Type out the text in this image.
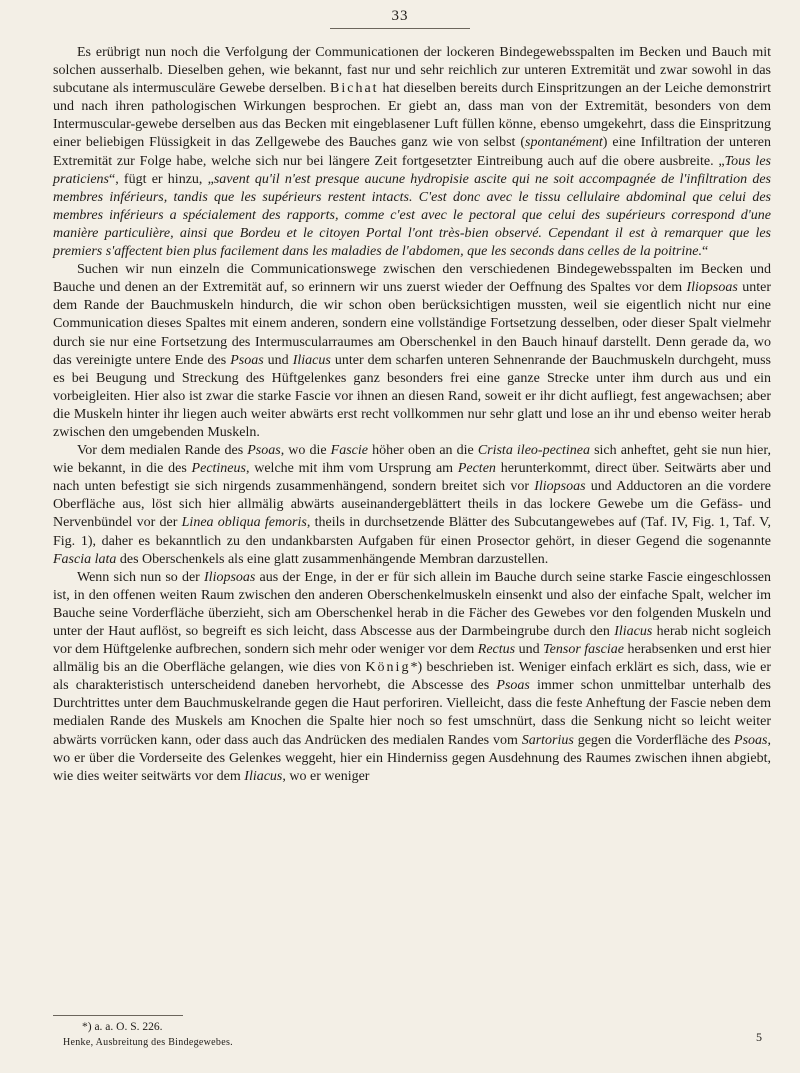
33

Es erübrigt nun noch die Verfolgung der Communicationen der lockeren Bindegewebsspalten im Becken und Bauch mit solchen ausserhalb. Dieselben gehen, wie bekannt, fast nur und sehr reichlich zur unteren Extremität und zwar sowohl in das subcutane als intermusculäre Gewebe derselben. Bichat hat dieselben bereits durch Einspritzungen an der Leiche demonstrirt und nach ihren pathologischen Wirkungen besprochen. Er giebt an, dass man von der Extremität, besonders von dem Intermuscular-gewebe derselben aus das Becken mit eingeblasener Luft füllen könne, ebenso umgekehrt, dass die Einspritzung einer beliebigen Flüssigkeit in das Zellgewebe des Bauches ganz wie von selbst (spontanément) eine Infiltration der unteren Extremität zur Folge habe, welche sich nur bei längere Zeit fortgesetzter Eintreibung auch auf die obere ausbreite. „Tous les praticiens“, fügt er hinzu, „savent qu'il n'est presque aucune hydropisie ascite qui ne soit accompagnée de l'infiltration des membres inférieurs, tandis que les supérieurs restent intacts. C'est donc avec le tissu cellulaire abdominal que celui des membres inférieurs a spécialement des rapports, comme c'est avec le pectoral que celui des supérieurs correspond d'une manière particulière, ainsi que Bordeu et le citoyen Portal l'ont très-bien observé. Cependant il est à remarquer que les premiers s'affectent bien plus facilement dans les maladies de l'abdomen, que les seconds dans celles de la poitrine.“

Suchen wir nun einzeln die Communicationswege zwischen den verschiedenen Bindegewebsspalten im Becken und Bauche und denen an der Extremität auf, so erinnern wir uns zuerst wieder der Oeffnung des Spaltes vor dem Iliopsoas unter dem Rande der Bauchmuskeln hindurch, die wir schon oben berücksichtigen mussten, weil sie eigentlich nicht nur eine Communication dieses Spaltes mit einem anderen, sondern eine vollständige Fortsetzung desselben, oder dieser Spalt vielmehr durch sie nur eine Fortsetzung des Intermuscularraumes am Oberschenkel in den Bauch hinauf darstellt. Denn gerade da, wo das vereinigte untere Ende des Psoas und Iliacus unter dem scharfen unteren Sehnenrande der Bauchmuskeln durchgeht, muss es bei Beugung und Streckung des Hüftgelenkes ganz besonders frei eine ganze Strecke unter ihm durch aus und ein vorbeigleiten. Hier also ist zwar die starke Fascie vor ihnen an diesen Rand, soweit er ihr dicht aufliegt, fest angewachsen; aber die Muskeln hinter ihr liegen auch weiter abwärts erst recht vollkommen nur sehr glatt und lose an ihr und ebenso weiter herab zwischen den umgebenden Muskeln.

Vor dem medialen Rande des Psoas, wo die Fascie höher oben an die Crista ileo-pectinea sich anheftet, geht sie nun hier, wie bekannt, in die des Pectineus, welche mit ihm vom Ursprung am Pecten herunterkommt, direct über. Seitwärts aber und nach unten befestigt sie sich nirgends zusammenhängend, sondern breitet sich vor Iliopsoas und Adductoren an die vordere Oberfläche aus, löst sich hier allmälig abwärts auseinandergeblättert theils in das lockere Gewebe um die Gefäss- und Nervenbündel vor der Linea obliqua femoris, theils in durchsetzende Blätter des Subcutangewebes auf (Taf. IV, Fig. 1, Taf. V, Fig. 1), daher es bekanntlich zu den undankbarsten Aufgaben für einen Prosector gehört, in dieser Gegend die sogenannte Fascia lata des Oberschenkels als eine glatt zusammenhängende Membran darzustellen.

Wenn sich nun so der Iliopsoas aus der Enge, in der er für sich allein im Bauche durch seine starke Fascie eingeschlossen ist, in den offenen weiten Raum zwischen den anderen Oberschenkelmuskeln einsenkt und also der einfache Spalt, welcher im Bauche seine Vorderfläche überzieht, sich am Oberschenkel herab in die Fächer des Gewebes vor den folgenden Muskeln und unter der Haut auflöst, so begreift es sich leicht, dass Abscesse aus der Darmbeingrube durch den Iliacus herab nicht sogleich vor dem Hüftgelenke aufbrechen, sondern sich mehr oder weniger vor dem Rectus und Tensor fasciae herabsenken und erst hier allmälig bis an die Oberfläche gelangen, wie dies von König*) beschrieben ist. Weniger einfach erklärt es sich, dass, wie er als charakteristisch unterscheidend daneben hervorhebt, die Abscesse des Psoas immer schon unmittelbar unterhalb des Durchtrittes unter dem Bauchmuskelrande gegen die Haut perforiren. Vielleicht, dass die feste Anheftung der Fascie neben dem medialen Rande des Muskels am Knochen die Spalte hier noch so fest umschnürt, dass die Senkung nicht so leicht weiter abwärts vorrücken kann, oder dass auch das Andrücken des medialen Randes vom Sartorius gegen die Vorderfläche des Psoas, wo er über die Vorderseite des Gelenkes weggeht, hier ein Hinderniss gegen Ausdehnung des Raumes zwischen ihnen abgiebt, wie dies weiter seitwärts vor dem Iliacus, wo er weniger

*) a. a. O. S. 226.
Henke, Ausbreitung des Bindegewebes.	5
